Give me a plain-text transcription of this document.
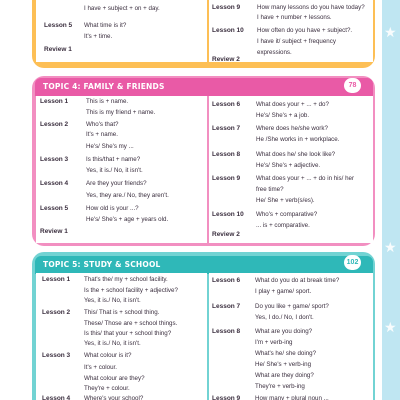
★
★
★
Lesson 5
Review 1
I have + subject + on + day.
What time is it?
It's + time.
Lesson 9
Lesson 10
Review 2
How many lessons do you have today?
I have + number + lessons.
How often do you have + subject?.
I have it/ subject + frequency
expressions.
TOPIC 4: FAMILY & FRIENDS	78
Lesson 1
Lesson 2
Lesson 3
Lesson 4
Lesson 5
Review 1
This is + name.
This is my friend + name.
Who's that?
It's + name.
He's/ She's my ...
Is this/that + name?
Yes, it is./ No, it isn't.
Are they your friends?
Yes, they are./ No, they aren't.
How old is your ...?
He's/ She's + age + years old.
Lesson 6
Lesson 7
Lesson 8
Lesson 9
Lesson 10
Review 2
What does your + ... + do?
He's/ She's + a job.
Where does he/she work?
He /She works in + workplace.
What does he/ she look like?
He's/ She's + adjective.
What does your + ... + do in his/ her
free time?
He/ She + verb(s/es).
Who's + comparative?
... is + comparative.
TOPIC 5: STUDY & SCHOOL	102
Lesson 1
Lesson 2
Lesson 3
Lesson 4
That's the/ my + school facility.
Is the + school facility + adjective?
Yes, it is./ No, it isn't.
This/ That is + school thing.
These/ Those are + school things.
Is this/ that your + school thing?
Yes, it is./ No, it isn't.
What colour is it?
It's + colour.
What colour are they?
They're + colour.
Where's your school?
Lesson 6
Lesson 7
Lesson 8
Lesson 9
What do you do at break time?
I play + game/ sport.
Do you like + game/ sport?
Yes, I do./ No, I don't.
What are you doing?
I'm + verb-ing
What's he/ she doing?
He/ She's + verb-ing
What are they doing?
They're + verb-ing
How many + plural noun ...
